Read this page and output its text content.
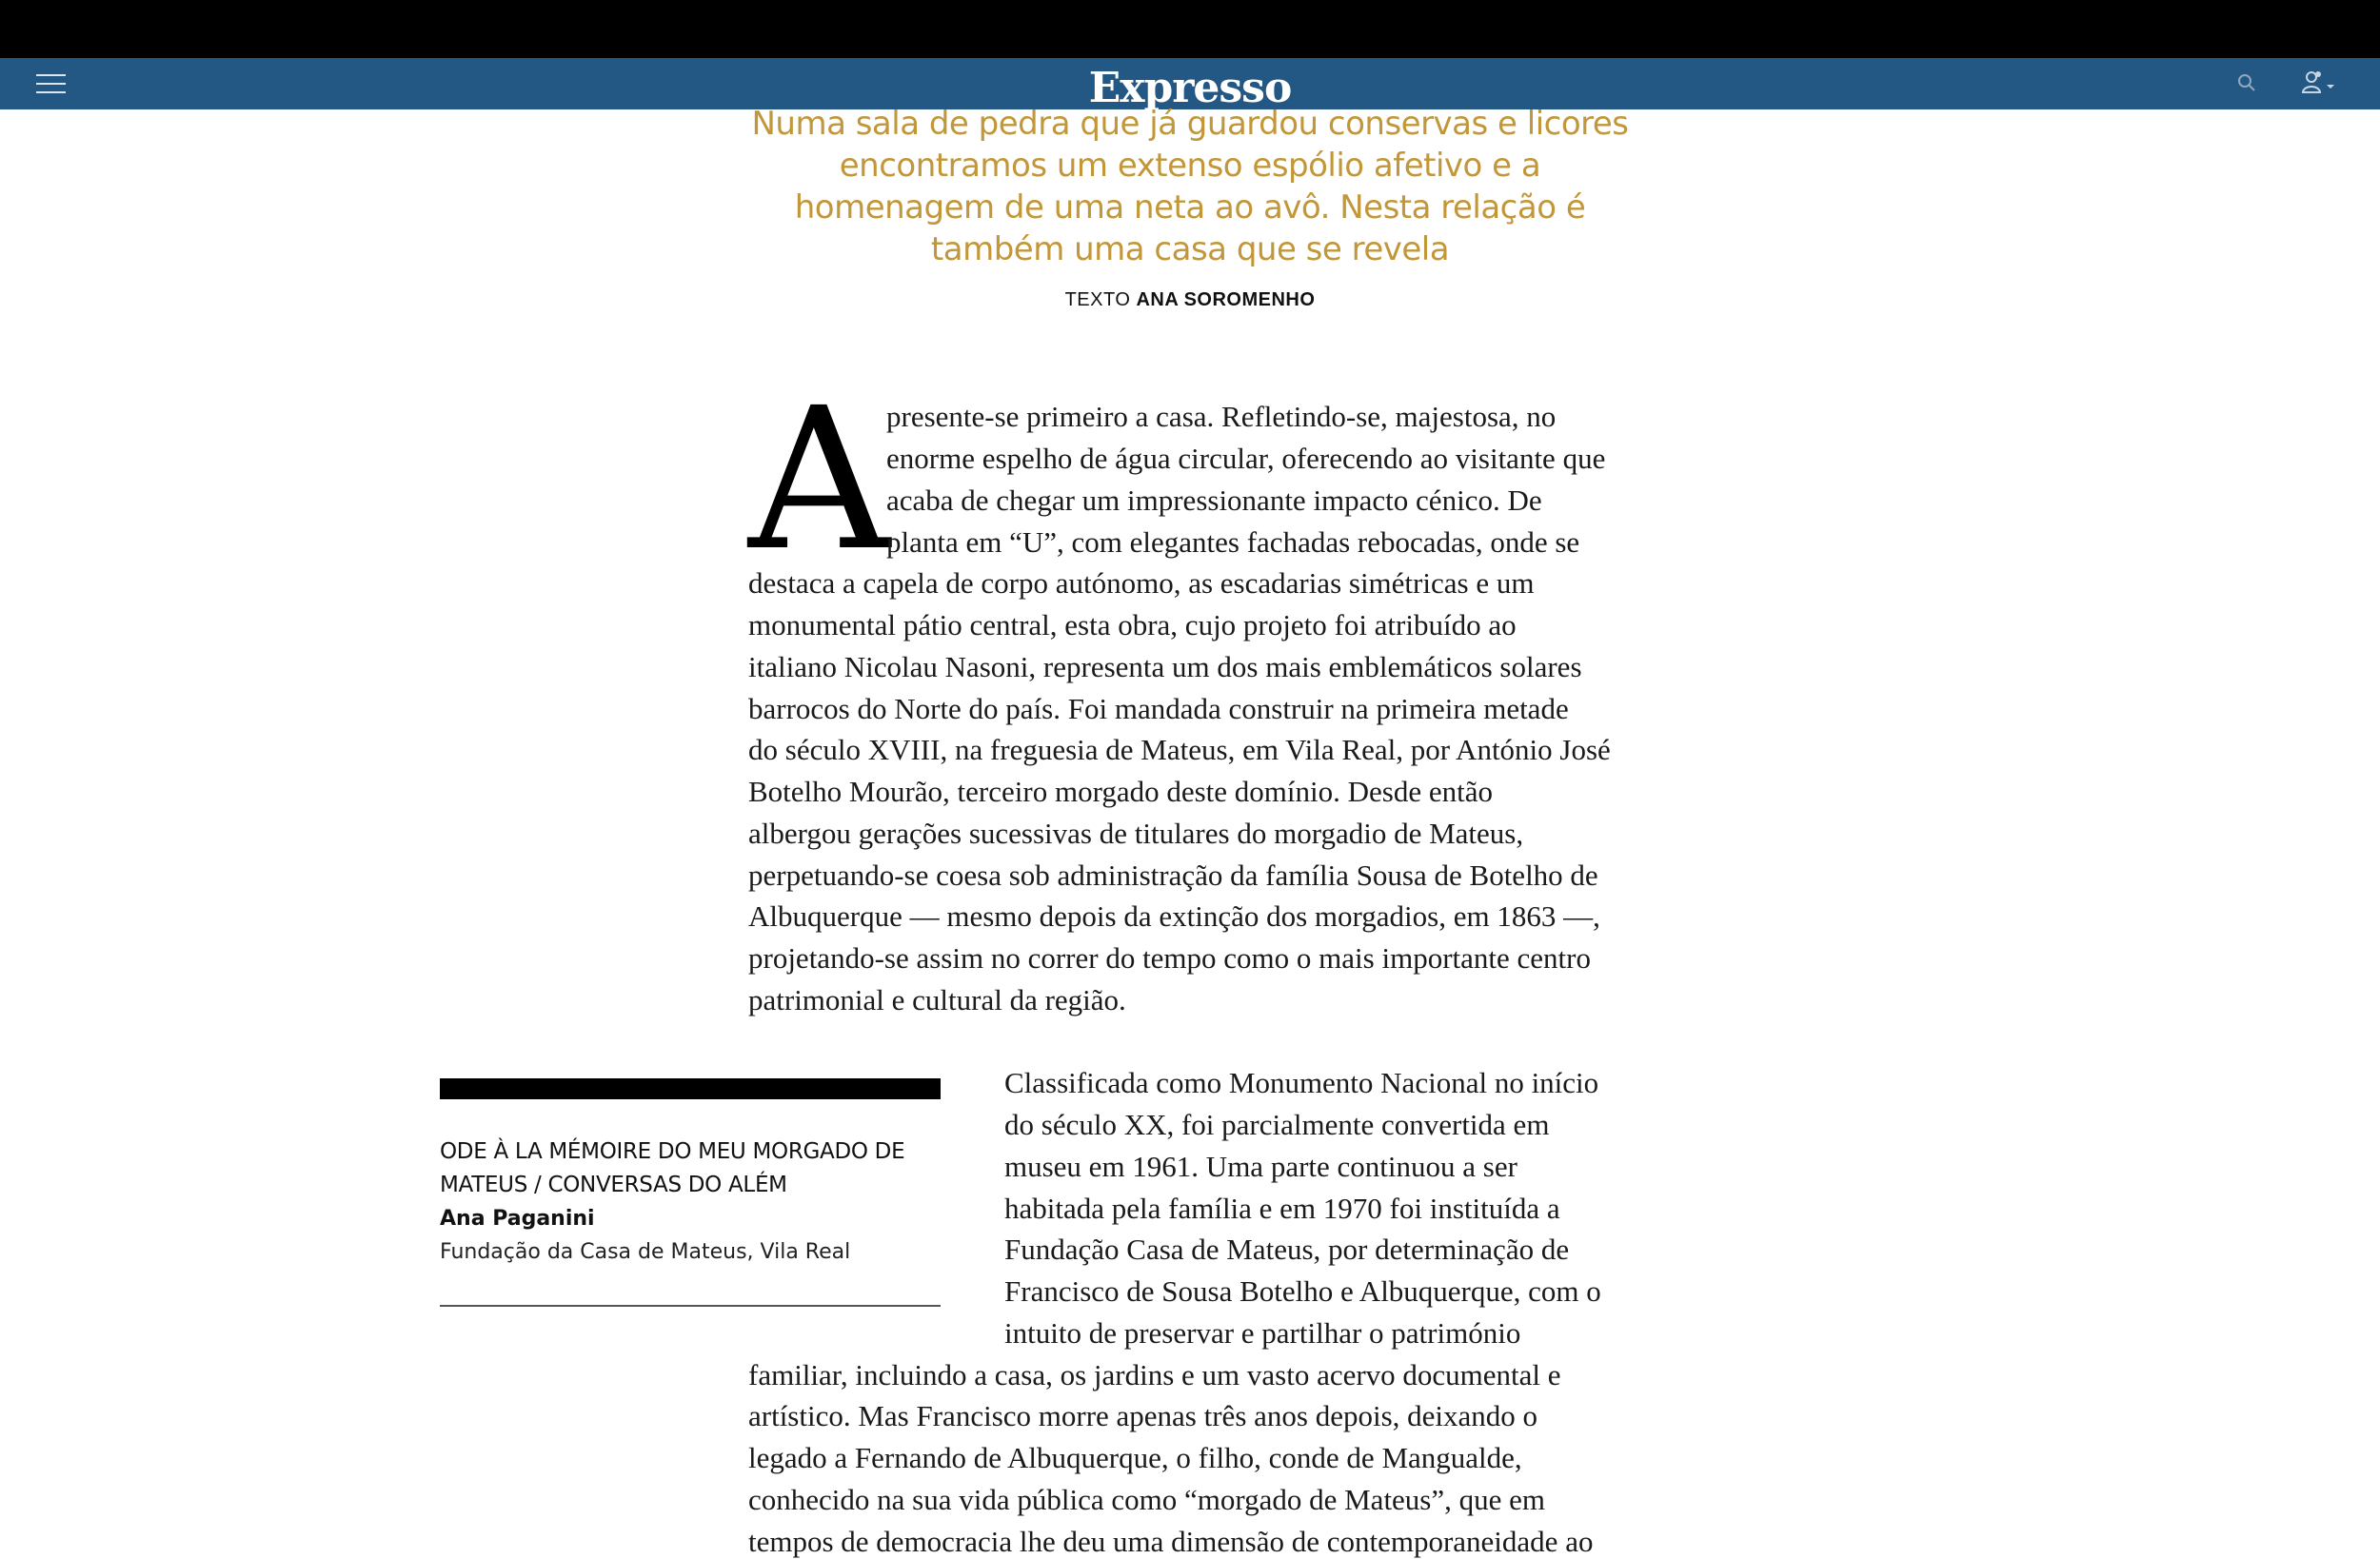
Expresso
Numa sala de pedra que já guardou conservas e licores encontramos um extenso espólio afetivo e a homenagem de uma neta ao avô. Nesta relação é também uma casa que se revela
TEXTO ANA SOROMENHO
A
presente-se primeiro a casa. Refletindo-se, majestosa, no
enorme espelho de água circular, oferecendo ao visitante que
acaba de chegar um impressionante impacto cénico. De
planta em “U”, com elegantes fachadas rebocadas, onde se
destaca a capela de corpo autónomo, as escadarias simétricas e um
monumental pátio central, esta obra, cujo projeto foi atribuído ao
italiano Nicolau Nasoni, representa um dos mais emblemáticos solares
barrocos do Norte do país. Foi mandada construir na primeira metade
do século XVIII, na freguesia de Mateus, em Vila Real, por António José
Botelho Mourão, terceiro morgado deste domínio. Desde então
albergou gerações sucessivas de titulares do morgadio de Mateus,
perpetuando-se coesa sob administração da família Sousa de Botelho de
Albuquerque — mesmo depois da extinção dos morgadios, em 1863 —,
projetando-se assim no correr do tempo como o mais importante centro
patrimonial e cultural da região.
ODE À LA MÉMOIRE DO MEU MORGADO DE MATEUS / CONVERSAS DO ALÉM
Ana Paganini
Fundação da Casa de Mateus, Vila Real
Classificada como Monumento Nacional no início
do século XX, foi parcialmente convertida em
museu em 1961. Uma parte continuou a ser
habitada pela família e em 1970 foi instituída a
Fundação Casa de Mateus, por determinação de
Francisco de Sousa Botelho e Albuquerque, com o
intuito de preservar e partilhar o património
familiar, incluindo a casa, os jardins e um vasto acervo documental e
artístico. Mas Francisco morre apenas três anos depois, deixando o
legado a Fernando de Albuquerque, o filho, conde de Mangualde,
conhecido na sua vida pública como “morgado de Mateus”, que em
tempos de democracia lhe deu uma dimensão de contemporaneidade ao
